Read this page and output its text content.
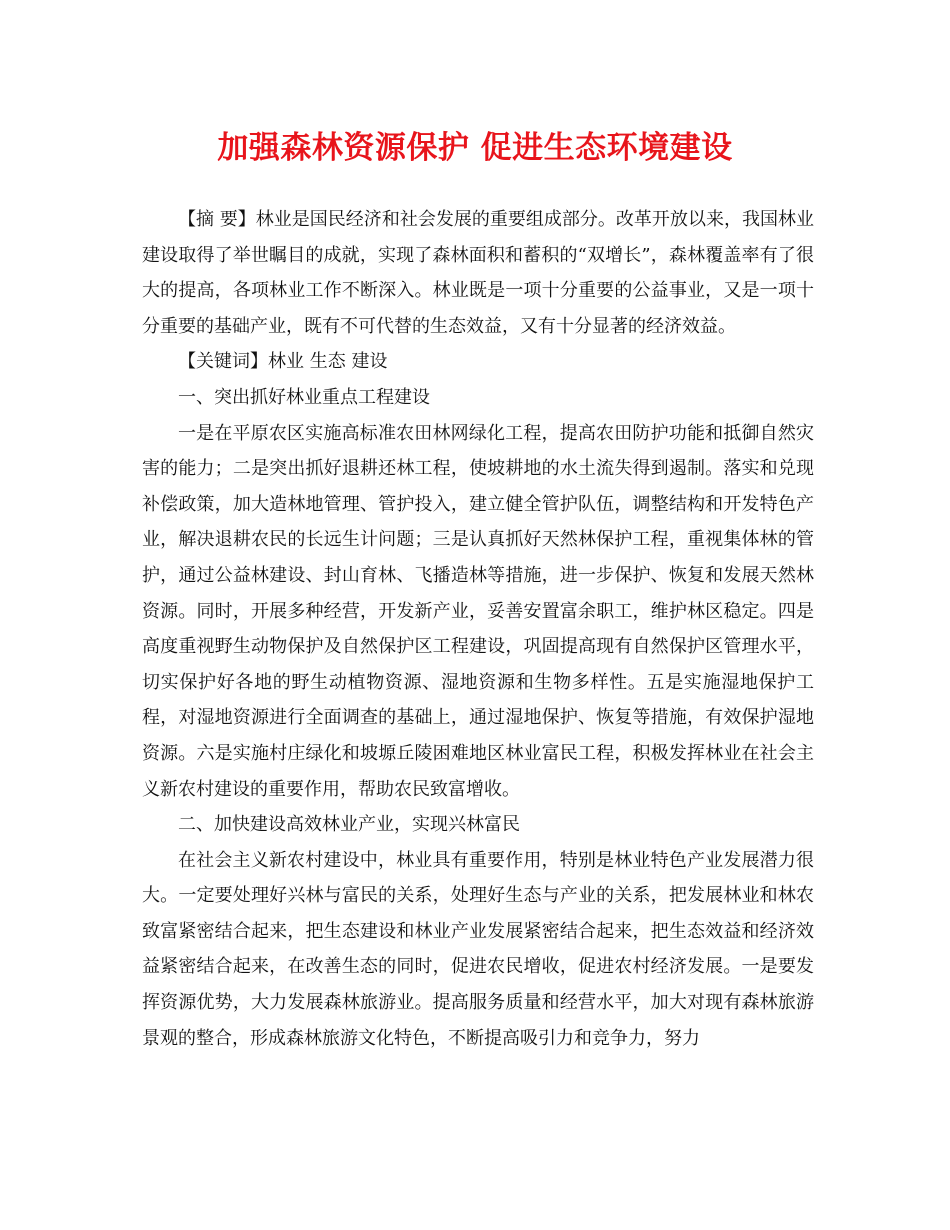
加强森林资源保护 促进生态环境建设

【摘 要】林业是国民经济和社会发展的重要组成部分。改革开放以来，我国林业建设取得了举世瞩目的成就，实现了森林面积和蓄积的“双增长”，森林覆盖率有了很大的提高，各项林业工作不断深入。林业既是一项十分重要的公益事业，又是一项十分重要的基础产业，既有不可代替的生态效益，又有十分显著的经济效益。

【关键词】林业 生态 建设

一、突出抓好林业重点工程建设

一是在平原农区实施高标准农田林网绿化工程，提高农田防护功能和抵御自然灾害的能力；二是突出抓好退耕还林工程，使坡耕地的水土流失得到遏制。落实和兑现补偿政策，加大造林地管理、管护投入，建立健全管护队伍，调整结构和开发特色产业，解决退耕农民的长远生计问题；三是认真抓好天然林保护工程，重视集体林的管护，通过公益林建设、封山育林、飞播造林等措施，进一步保护、恢复和发展天然林资源。同时，开展多种经营，开发新产业，妥善安置富余职工，维护林区稳定。四是高度重视野生动物保护及自然保护区工程建设，巩固提高现有自然保护区管理水平，切实保护好各地的野生动植物资源、湿地资源和生物多样性。五是实施湿地保护工程，对湿地资源进行全面调查的基础上，通过湿地保护、恢复等措施，有效保护湿地资源。六是实施村庄绿化和坡塬丘陵困难地区林业富民工程，积极发挥林业在社会主义新农村建设的重要作用，帮助农民致富增收。

二、加快建设高效林业产业，实现兴林富民

在社会主义新农村建设中，林业具有重要作用，特别是林业特色产业发展潜力很大。一定要处理好兴林与富民的关系，处理好生态与产业的关系，把发展林业和林农致富紧密结合起来，把生态建设和林业产业发展紧密结合起来，把生态效益和经济效益紧密结合起来，在改善生态的同时，促进农民增收，促进农村经济发展。一是要发挥资源优势，大力发展森林旅游业。提高服务质量和经营水平，加大对现有森林旅游景观的整合，形成森林旅游文化特色，不断提高吸引力和竞争力，努力
